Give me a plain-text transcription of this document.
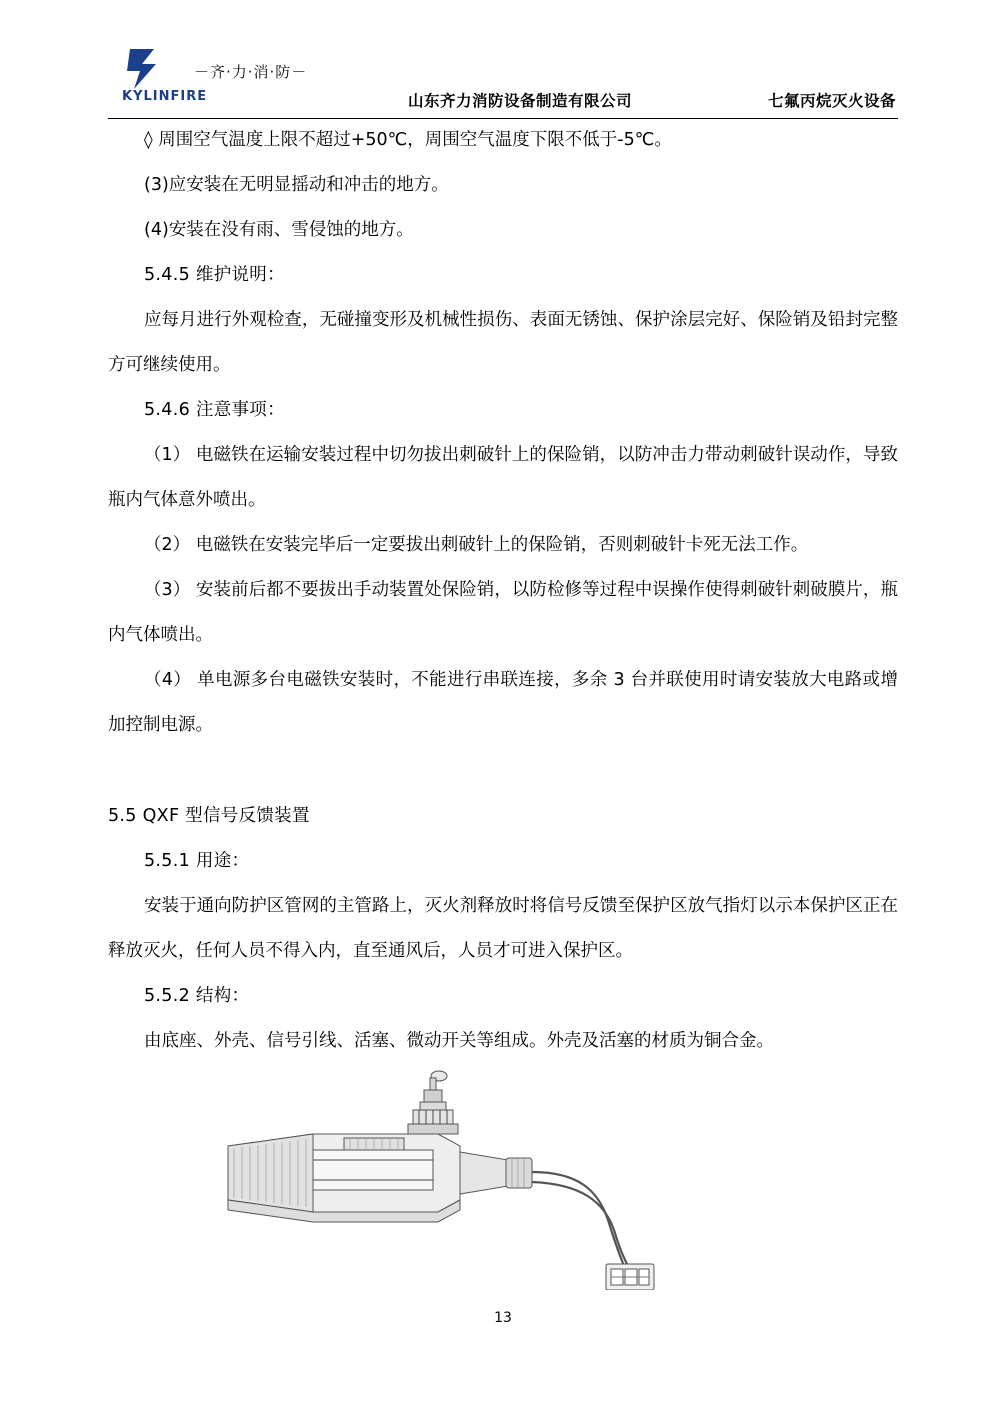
KYLINFIRE
－齐·力·消·防－
山东齐力消防设备制造有限公司	七氟丙烷灭火设备

◊ 周围空气温度上限不超过+50℃，周围空气温度下限不低于-5℃。

(3)应安装在无明显摇动和冲击的地方。

(4)安装在没有雨、雪侵蚀的地方。

5.4.5 维护说明：

应每月进行外观检查，无碰撞变形及机械性损伤、表面无锈蚀、保护涂层完好、保险销及铅封完整方可继续使用。

5.4.6 注意事项：

（1） 电磁铁在运输安装过程中切勿拔出刺破针上的保险销，以防冲击力带动刺破针误动作，导致瓶内气体意外喷出。

（2） 电磁铁在安装完毕后一定要拔出刺破针上的保险销，否则刺破针卡死无法工作。

（3） 安装前后都不要拔出手动装置处保险销，以防检修等过程中误操作使得刺破针刺破膜片，瓶内气体喷出。

（4） 单电源多台电磁铁安装时，不能进行串联连接，多余 3 台并联使用时请安装放大电路或增加控制电源。

5.5 QXF 型信号反馈装置

5.5.1 用途：

安装于通向防护区管网的主管路上，灭火剂释放时将信号反馈至保护区放气指灯以示本保护区正在释放灭火，任何人员不得入内，直至通风后，人员才可进入保护区。

5.5.2 结构：

由底座、外壳、信号引线、活塞、微动开关等组成。外壳及活塞的材质为铜合金。

13
